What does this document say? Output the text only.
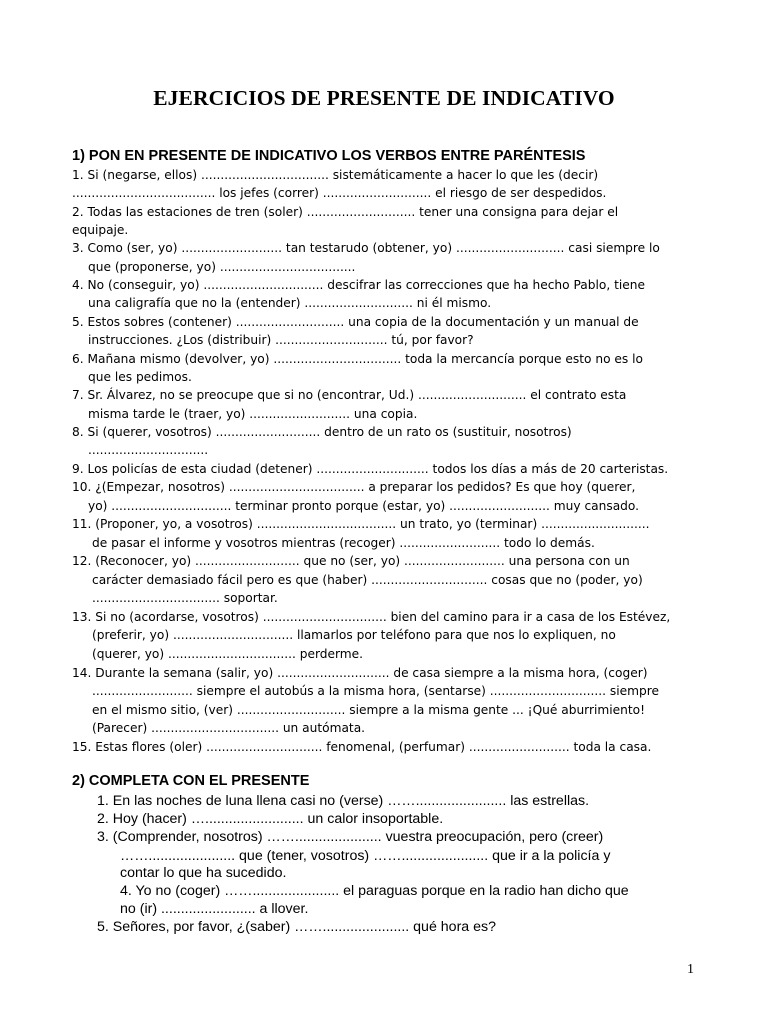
EJERCICIOS DE PRESENTE DE INDICATIVO
1) PON EN PRESENTE DE INDICATIVO LOS VERBOS ENTRE PARÉNTESIS
1. Si (negarse, ellos) ................................. sistemáticamente a hacer lo que les (decir)
..................................... los jefes (correr) ............................ el riesgo de ser despedidos.
2. Todas las estaciones de tren (soler) ............................ tener una consigna para dejar el
equipaje.
3. Como (ser, yo) .......................... tan testarudo (obtener, yo) ............................ casi siempre lo
que (proponerse, yo) ...................................
4. No (conseguir, yo) ............................... descifrar las correcciones que ha hecho Pablo, tiene
una caligrafía que no la (entender) ............................ ni él mismo.
5. Estos sobres (contener) ............................ una copia de la documentación y un manual de
instrucciones. ¿Los (distribuir) ............................. tú, por favor?
6. Mañana mismo (devolver, yo) ................................. toda la mercancía porque esto no es lo
que les pedimos.
7. Sr. Álvarez, no se preocupe que si no (encontrar, Ud.) ............................ el contrato esta
misma tarde le (traer, yo) .......................... una copia.
8. Si (querer, vosotros) ........................... dentro de un rato os (sustituir, nosotros)
...............................
9. Los policías de esta ciudad (detener) ............................. todos los días a más de 20 carteristas.
10. ¿(Empezar, nosotros) ................................... a preparar los pedidos? Es que hoy (querer,
yo) ............................... terminar pronto porque (estar, yo) .......................... muy cansado.
11. (Proponer, yo, a vosotros) .................................... un trato, yo (terminar) ............................
de pasar el informe y vosotros mientras (recoger) .......................... todo lo demás.
12. (Reconocer, yo) ........................... que no (ser, yo) .......................... una persona con un
carácter demasiado fácil pero es que (haber) .............................. cosas que no (poder, yo)
................................. soportar.
13. Si no (acordarse, vosotros) ................................ bien del camino para ir a casa de los Estévez,
(preferir, yo) ............................... llamarlos por teléfono para que nos lo expliquen, no
(querer, yo) ................................. perderme.
14. Durante la semana (salir, yo) ............................. de casa siempre a la misma hora, (coger)
.......................... siempre el autobús a la misma hora, (sentarse) .............................. siempre
en el mismo sitio, (ver) ............................ siempre a la misma gente ... ¡Qué aburrimiento!
(Parecer) ................................. un autómata.
15. Estas flores (oler) .............................. fenomenal, (perfumar) .......................... toda la casa.
2) COMPLETA CON EL PRESENTE
1. En las noches de luna llena casi no (verse) ……....................... las estrellas.
2. Hoy (hacer) …......................... un calor insoportable.
3. (Comprender, nosotros) ……...................... vuestra preocupación, pero (creer)
……...................... que (tener, vosotros) ……...................... que ir a la policía y
contar lo que ha sucedido.
4. Yo no (coger) ……...................... el paraguas porque en la radio han dicho que
no (ir) ........................ a llover.
5. Señores, por favor, ¿(saber) ……...................... qué hora es?
1
